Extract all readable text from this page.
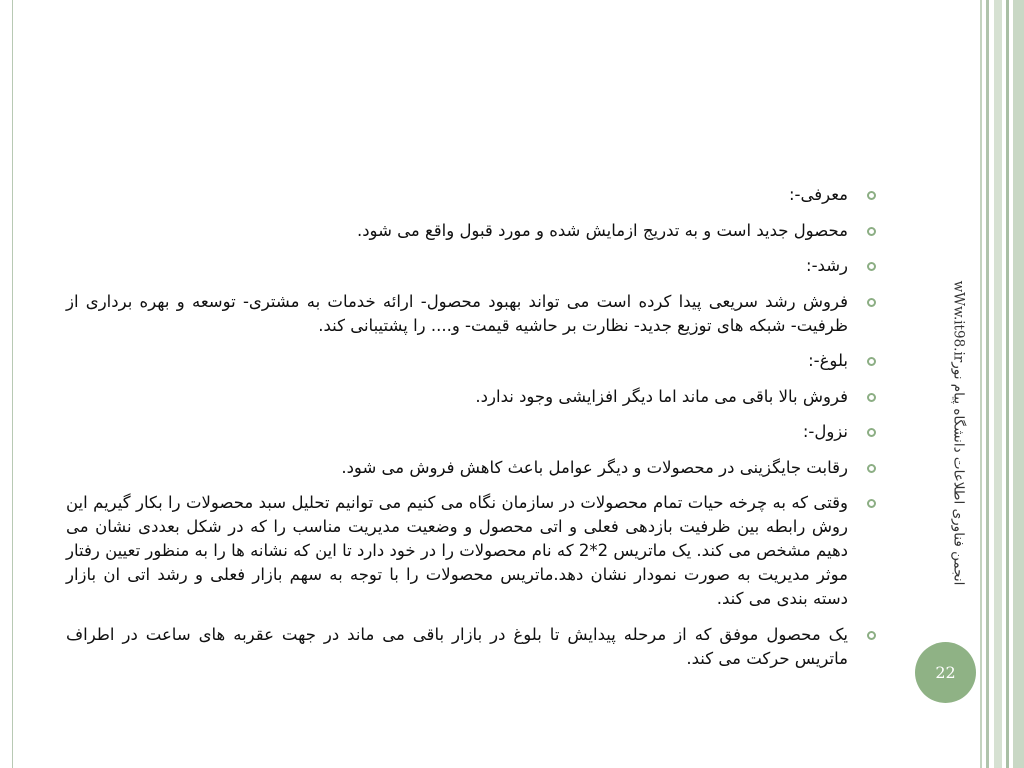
معرفی-:
محصول جدید است و به تدریج ازمایش شده و مورد قبول واقع می شود.
رشد-:
فروش رشد سریعی پیدا کرده است می تواند بهبود محصول- ارائه خدمات به مشتری- توسعه و بهره برداری از ظرفیت- شبکه های توزیع جدید- نظارت بر حاشیه قیمت- و.... را پشتیبانی کند.
بلوغ-:
فروش بالا باقی می ماند اما دیگر افزایشی وجود ندارد.
نزول-:
رقابت جایگزینی در محصولات و دیگر عوامل باعث کاهش فروش می شود.
وقتی که به چرخه حیات تمام محصولات در سازمان نگاه می کنیم می توانیم تحلیل سبد محصولات را بکار گیریم این روش رابطه بین ظرفیت بازدهی فعلی و اتی محصول و وضعیت مدیریت مناسب را که در شکل بعددی نشان می دهیم مشخص می کند. یک ماتریس 2*2 که نام محصولات را در خود دارد تا این که نشانه ها را به منظور تعیین رفتار موثر مدیریت به صورت نمودار نشان دهد.ماتریس محصولات را با توجه به سهم بازار فعلی و رشد اتی ان بازار دسته بندی می کند.
یک محصول موفق که از مرحله پیدایش تا بلوغ در بازار باقی می ماند در جهت عقربه های ساعت در اطراف ماتریس حرکت می کند.
wWw.it98.irانجمن فناوری اطلاعات دانشگاه پیام نور
22
